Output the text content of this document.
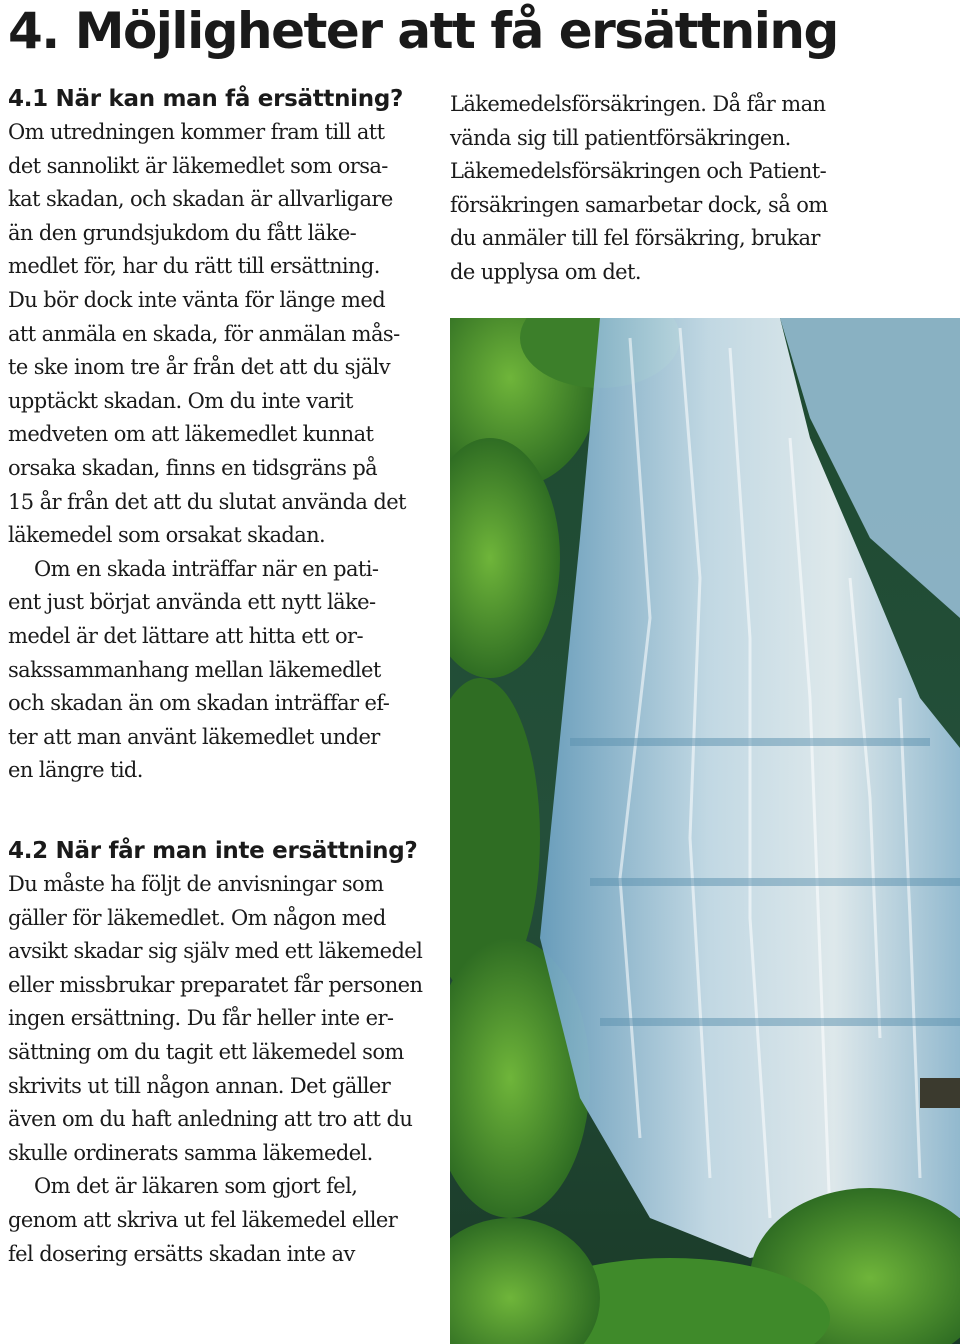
4. Möjligheter att få ersättning
4.1 När kan man få ersättning?

Om utredningen kommer fram till att
det sannolikt är läkemedlet som orsa-
kat skadan, och skadan är allvarligare
än den grundsjukdom du fått läke-
medlet för, har du rätt till ersättning.
Du bör dock inte vänta för länge med
att anmäla en skada, för anmälan mås-
te ske inom tre år från det att du själv
upptäckt skadan. Om du inte varit
medveten om att läkemedlet kunnat
orsaka skadan, finns en tidsgräns på
15 år från det att du slutat använda det
läkemedel som orsakat skadan.

Om en skada inträffar när en pati-
ent just börjat använda ett nytt läke-
medel är det lättare att hitta ett or-
sakssammanhang mellan läkemedlet
och skadan än om skadan inträffar ef-
ter att man använt läkemedlet under
en längre tid.

4.2 När får man inte ersättning?

Du måste ha följt de anvisningar som
gäller för läkemedlet. Om någon med
avsikt skadar sig själv med ett läkemedel
eller missbrukar preparatet får personen
ingen ersättning. Du får heller inte er-
sättning om du tagit ett läkemedel som
skrivits ut till någon annan. Det gäller
även om du haft anledning att tro att du
skulle ordinerats samma läkemedel.

Om det är läkaren som gjort fel,
genom att skriva ut fel läkemedel eller
fel dosering ersätts skadan inte av

Läkemedelsförsäkringen. Då får man
vända sig till patientförsäkringen.
Läkemedelsförsäkringen och Patient-
försäkringen samarbetar dock, så om
du anmäler till fel försäkring, brukar
de upplysa om det.
